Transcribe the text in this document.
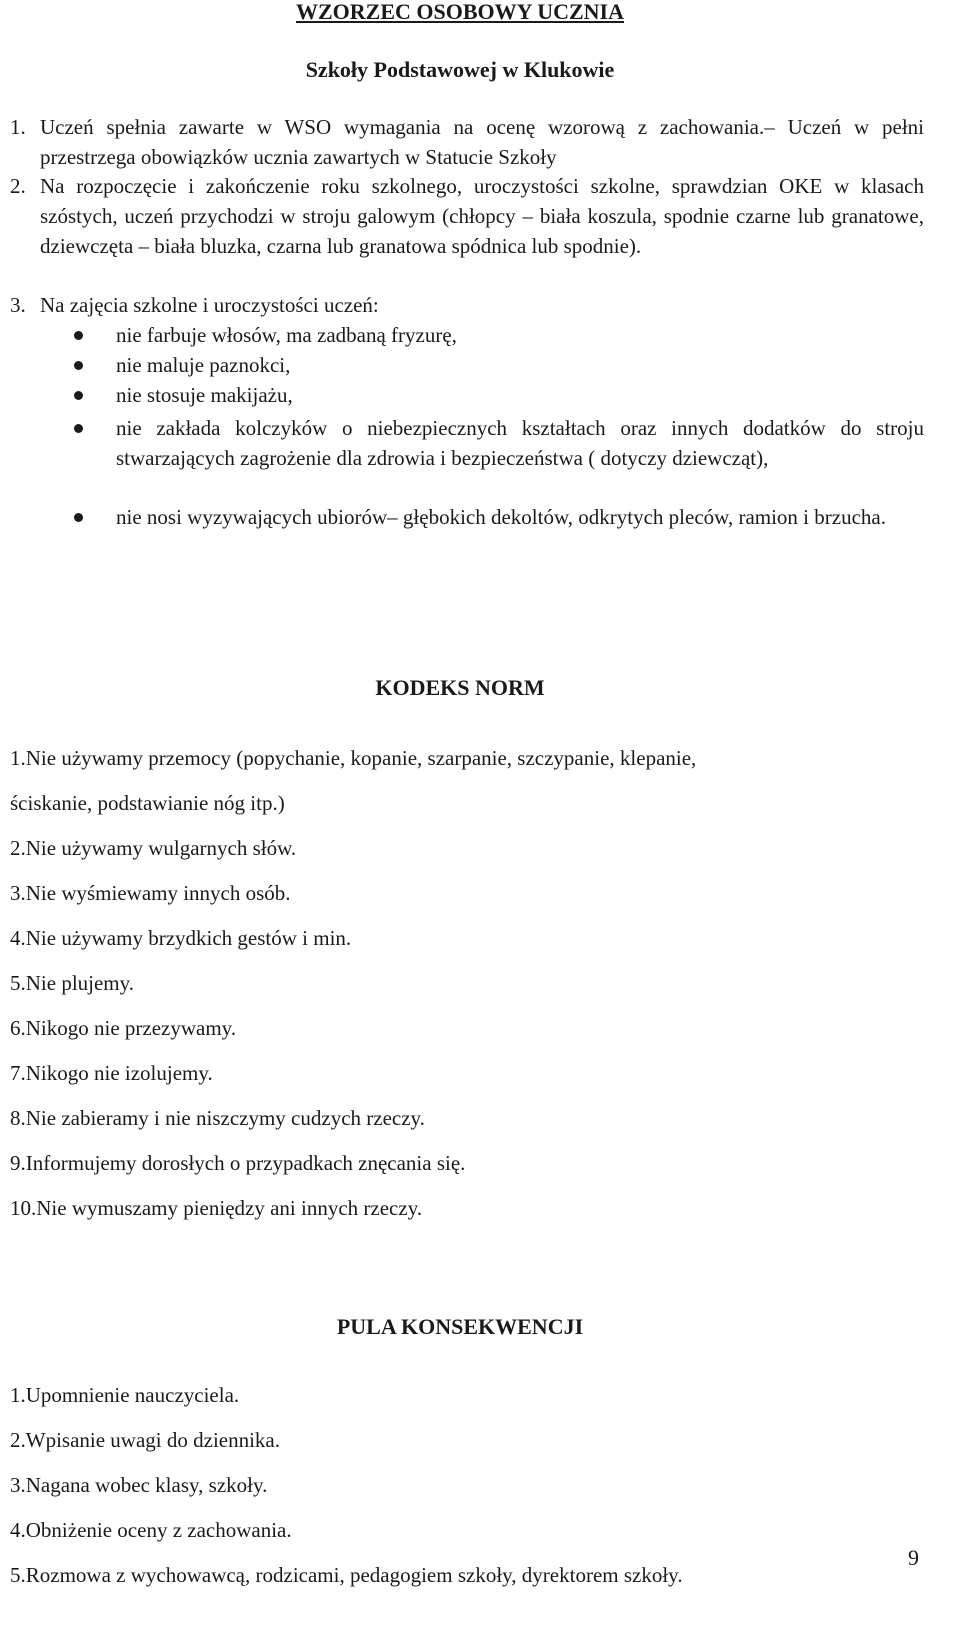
WZORZEC OSOBOWY UCZNIA
Szkoły Podstawowej w Klukowie
1. Uczeń spełnia zawarte w WSO wymagania na ocenę wzorową z zachowania.– Uczeń w pełni przestrzega obowiązków ucznia zawartych w Statucie Szkoły
2. Na rozpoczęcie i zakończenie roku szkolnego, uroczystości szkolne, sprawdzian OKE w klasach szóstych, uczeń przychodzi w stroju galowym (chłopcy – biała koszula, spodnie czarne lub granatowe, dziewczęta – biała bluzka, czarna lub granatowa spódnica lub spodnie).
3. Na zajęcia szkolne i uroczystości uczeń:
nie farbuje włosów, ma zadbaną fryzurę,
nie maluje paznokci,
nie stosuje makijażu,
nie zakłada kolczyków o niebezpiecznych kształtach oraz innych dodatków do stroju stwarzających zagrożenie dla zdrowia i bezpieczeństwa ( dotyczy dziewcząt),
nie nosi wyzywających ubiorów– głębokich dekoltów, odkrytych pleców, ramion i brzucha.
KODEKS NORM
1.Nie używamy przemocy (popychanie, kopanie, szarpanie, szczypanie, klepanie,
ściskanie, podstawianie nóg itp.)
2.Nie używamy wulgarnych słów.
3.Nie wyśmiewamy innych osób.
4.Nie używamy brzydkich gestów i min.
5.Nie plujemy.
6.Nikogo nie przezywamy.
7.Nikogo nie izolujemy.
8.Nie zabieramy i nie niszczymy cudzych rzeczy.
9.Informujemy dorosłych o przypadkach znęcania się.
10.Nie wymuszamy pieniędzy ani innych rzeczy.
PULA KONSEKWENCJI
1.Upomnienie nauczyciela.
2.Wpisanie uwagi do dziennika.
3.Nagana wobec klasy, szkoły.
4.Obniżenie oceny z zachowania.
5.Rozmowa z wychowawcą, rodzicami, pedagogiem szkoły, dyrektorem szkoły.
9
